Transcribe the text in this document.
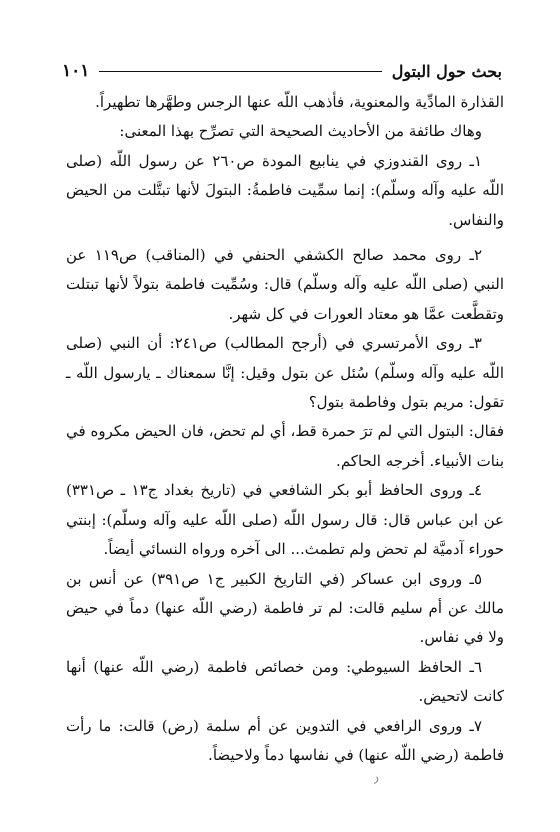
بحث حول البتول
١٠١

القذارة المادِّية والمعنوية، فأذهب اللّه عنها الرجس وطهَّرها تطهيراً.

وهاك طائفة من الأحاديث الصحيحة التي تصرِّح بهذا المعنى:

١ـ روى القندوزي في ينابيع المودة ص٢٦٠ عن رسول اللّه (صلى اللّه عليه وآله وسلّم): إنما سمِّيت فاطمةُ: البتولَ لأنها تبتَّلت من الحيض والنفاس.

٢ـ روى محمد صالح الكشفي الحنفي في (المناقب) ص١١٩ عن النبي (صلى اللّه عليه وآله وسلّم) قال: وسُمِّيت فاطمة بتولاً لأنها تبتلت وتقطَّعت عمَّا هو معتاد العورات في كل شهر.

٣ـ روى الأمرتسري في (أرجح المطالب) ص٢٤١: أن النبي (صلى اللّه عليه وآله وسلّم) سُئل عن بتول وقيل: إنَّا سمعناك ـ يارسول اللّه ـ تقول: مريم بتول وفاطمة بتول؟

فقال: البتول التي لم ترَ حمرة قط، أي لم تحض، فان الحيض مكروه في بنات الأنبياء. أخرجه الحاكم.

٤ـ وروى الحافظ أبو بكر الشافعي في (تاريخ بغداد ج١٣ ـ ص٣٣١) عن ابن عباس قال: قال رسول اللّه (صلى اللّه عليه وآله وسلّم): إبنتي حوراء آدميَّة لم تحض ولم تطمث... الى آخره ورواه النسائي أيضاً.

٥ـ وروى ابن عساكر (في التاريخ الكبير ج١ ص٣٩١) عن أنس بن مالك عن أم سليم قالت: لم تر فاطمة (رضي اللّه عنها) دماً في حيض ولا في نفاس.

٦ـ الحافظ السيوطي: ومن خصائص فاطمة (رضي اللّه عنها) أنها كانت لاتحيض.

٧ـ وروى الرافعي في التدوين عن أم سلمة (رض) قالت: ما رأت فاطمة (رضي اللّه عنها) في نفاسها دماً ولاحيضاً.

ﺭ
